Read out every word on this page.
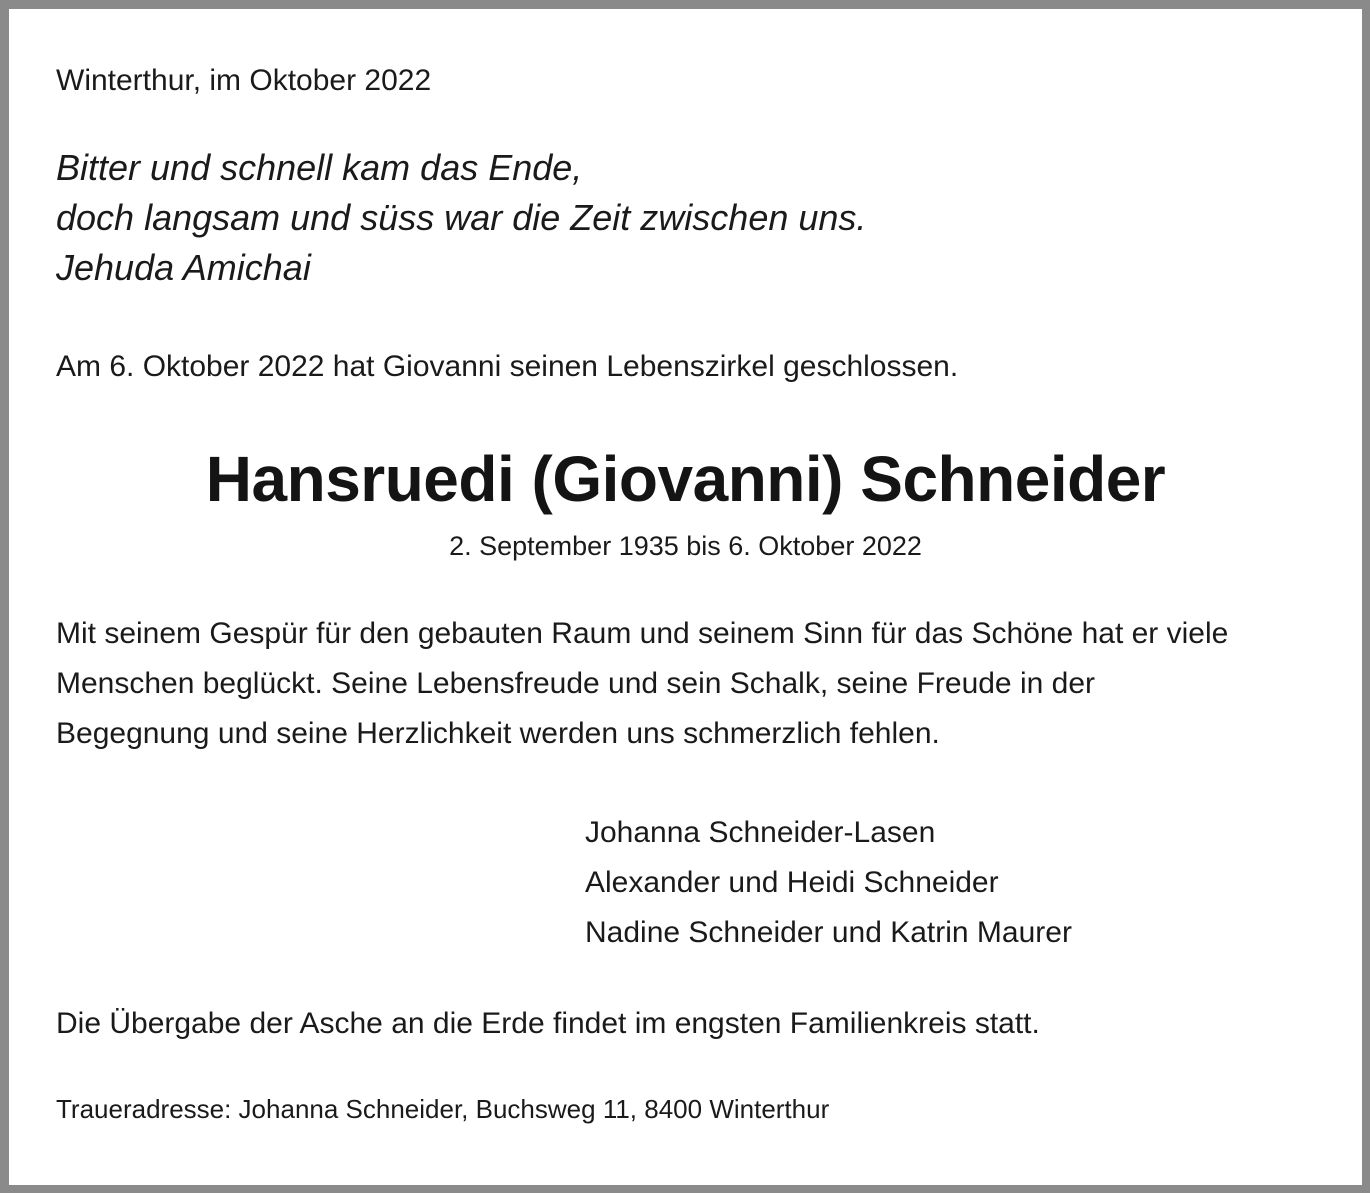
Winterthur, im Oktober 2022

Bitter und schnell kam das Ende,
doch langsam und süss war die Zeit zwischen uns.
Jehuda Amichai

Am 6. Oktober 2022 hat Giovanni seinen Lebenszirkel geschlossen.

Hansruedi (Giovanni) Schneider

2. September 1935 bis 6. Oktober 2022

Mit seinem Gespür für den gebauten Raum und seinem Sinn für das Schöne hat er viele
Menschen beglückt. Seine Lebensfreude und sein Schalk, seine Freude in der
Begegnung und seine Herzlichkeit werden uns schmerzlich fehlen.
Johanna Schneider-Lasen
Alexander und Heidi Schneider
Nadine Schneider und Katrin Maurer

Die Übergabe der Asche an die Erde findet im engsten Familienkreis statt.

Traueradresse: Johanna Schneider, Buchsweg 11, 8400 Winterthur
